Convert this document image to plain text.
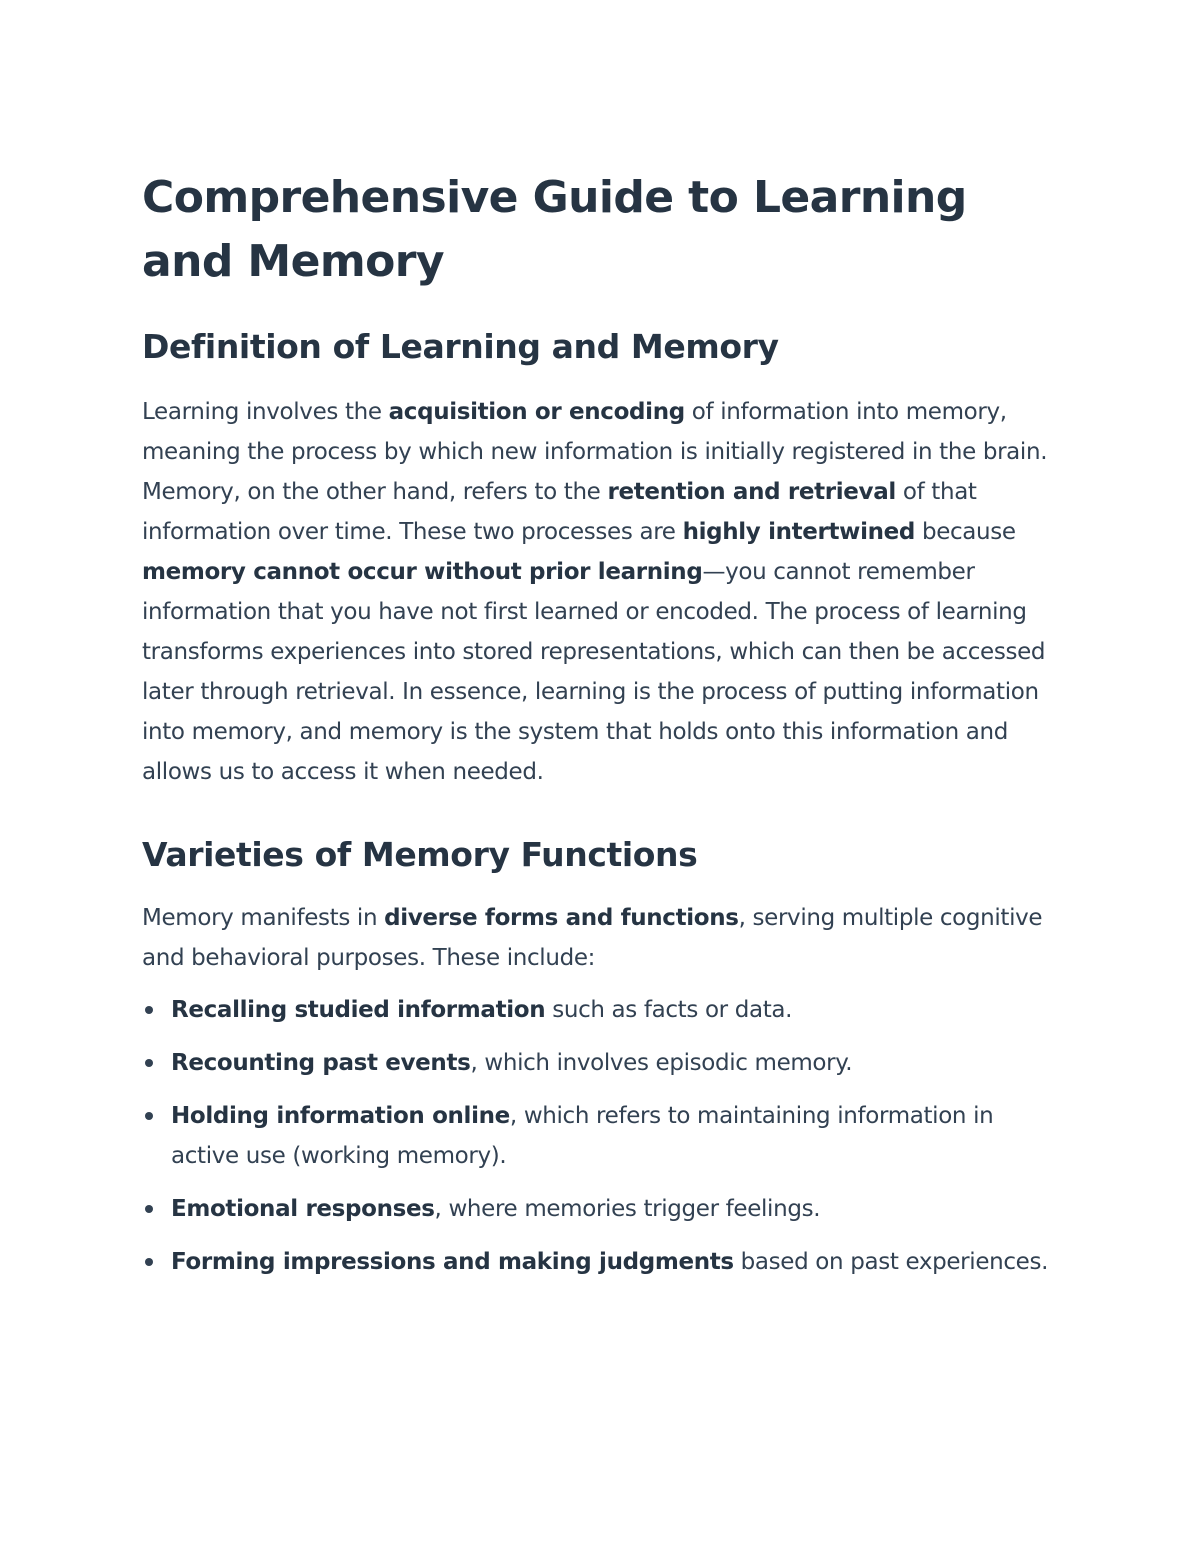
Comprehensive Guide to Learning and Memory
Definition of Learning and Memory

Learning involves the acquisition or encoding of information into memory, meaning the process by which new information is initially registered in the brain. Memory, on the other hand, refers to the retention and retrieval of that information over time. These two processes are highly intertwined because memory cannot occur without prior learning—you cannot remember information that you have not first learned or encoded. The process of learning transforms experiences into stored representations, which can then be accessed later through retrieval. In essence, learning is the process of putting information into memory, and memory is the system that holds onto this information and allows us to access it when needed.

Varieties of Memory Functions

Memory manifests in diverse forms and functions, serving multiple cognitive and behavioral purposes. These include:

Recalling studied information such as facts or data.
Recounting past events, which involves episodic memory.
Holding information online, which refers to maintaining information in active use (working memory).
Emotional responses, where memories trigger feelings.
Forming impressions and making judgments based on past experiences.
